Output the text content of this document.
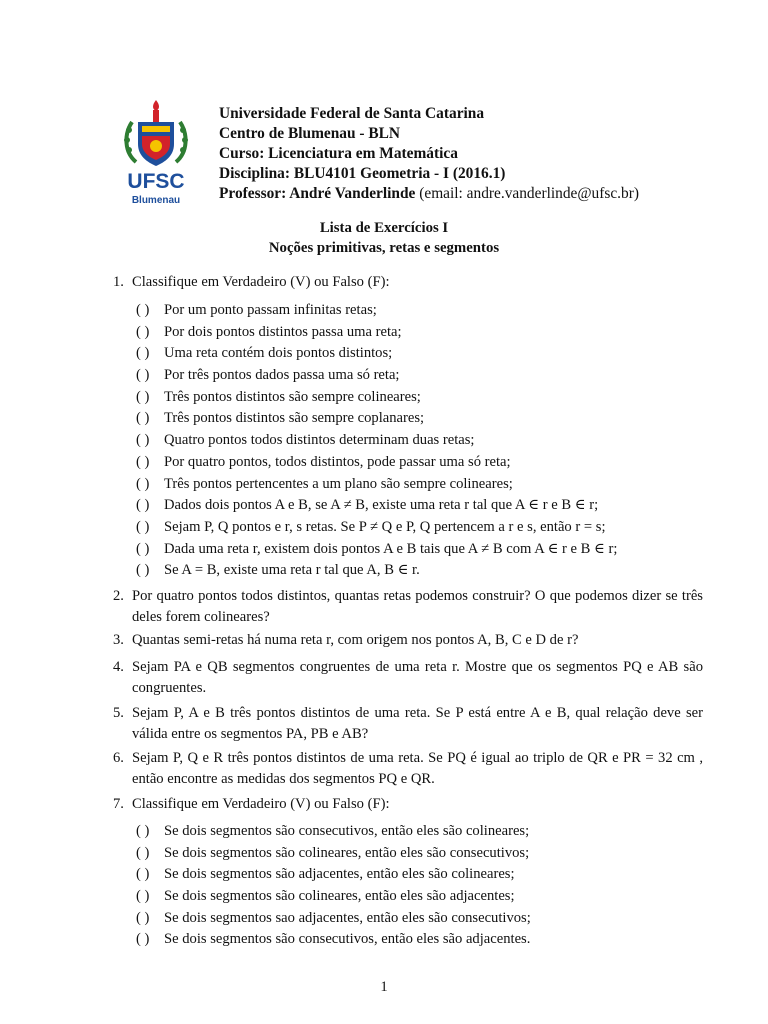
UFSC
Blumenau
Universidade Federal de Santa Catarina
Centro de Blumenau - BLN
Curso: Licenciatura em Matemática
Disciplina: BLU4101 Geometria - I (2016.1)
Professor: André Vanderlinde (email: andre.vanderlinde@ufsc.br)
Lista de Exercícios I
Noções primitivas, retas e segmentos
1. Classifique em Verdadeiro (V) ou Falso (F):
( ) Por um ponto passam infinitas retas;
( ) Por dois pontos distintos passa uma reta;
( ) Uma reta contém dois pontos distintos;
( ) Por três pontos dados passa uma só reta;
( ) Três pontos distintos são sempre colineares;
( ) Três pontos distintos são sempre coplanares;
( ) Quatro pontos todos distintos determinam duas retas;
( ) Por quatro pontos, todos distintos, pode passar uma só reta;
( ) Três pontos pertencentes a um plano são sempre colineares;
( ) Dados dois pontos A e B, se A ≠ B, existe uma reta r tal que A ∈ r e B ∈ r;
( ) Sejam P, Q pontos e r, s retas. Se P ≠ Q e P, Q pertencem a r e s, então r = s;
( ) Dada uma reta r, existem dois pontos A e B tais que A ≠ B com A ∈ r e B ∈ r;
( ) Se A = B, existe uma reta r tal que A, B ∈ r.
2. Por quatro pontos todos distintos, quantas retas podemos construir? O que podemos dizer se três deles forem colineares?
3. Quantas semi-retas há numa reta r, com origem nos pontos A, B, C e D de r?
4. Sejam PA e QB segmentos congruentes de uma reta r. Mostre que os segmentos PQ e AB são congruentes.
5. Sejam P, A e B três pontos distintos de uma reta. Se P está entre A e B, qual relação deve ser válida entre os segmentos PA, PB e AB?
6. Sejam P, Q e R três pontos distintos de uma reta. Se PQ é igual ao triplo de QR e PR = 32 cm , então encontre as medidas dos segmentos PQ e QR.
7. Classifique em Verdadeiro (V) ou Falso (F):
( ) Se dois segmentos são consecutivos, então eles são colineares;
( ) Se dois segmentos são colineares, então eles são consecutivos;
( ) Se dois segmentos são adjacentes, então eles são colineares;
( ) Se dois segmentos são colineares, então eles são adjacentes;
( ) Se dois segmentos sao adjacentes, então eles são consecutivos;
( ) Se dois segmentos são consecutivos, então eles são adjacentes.
1
